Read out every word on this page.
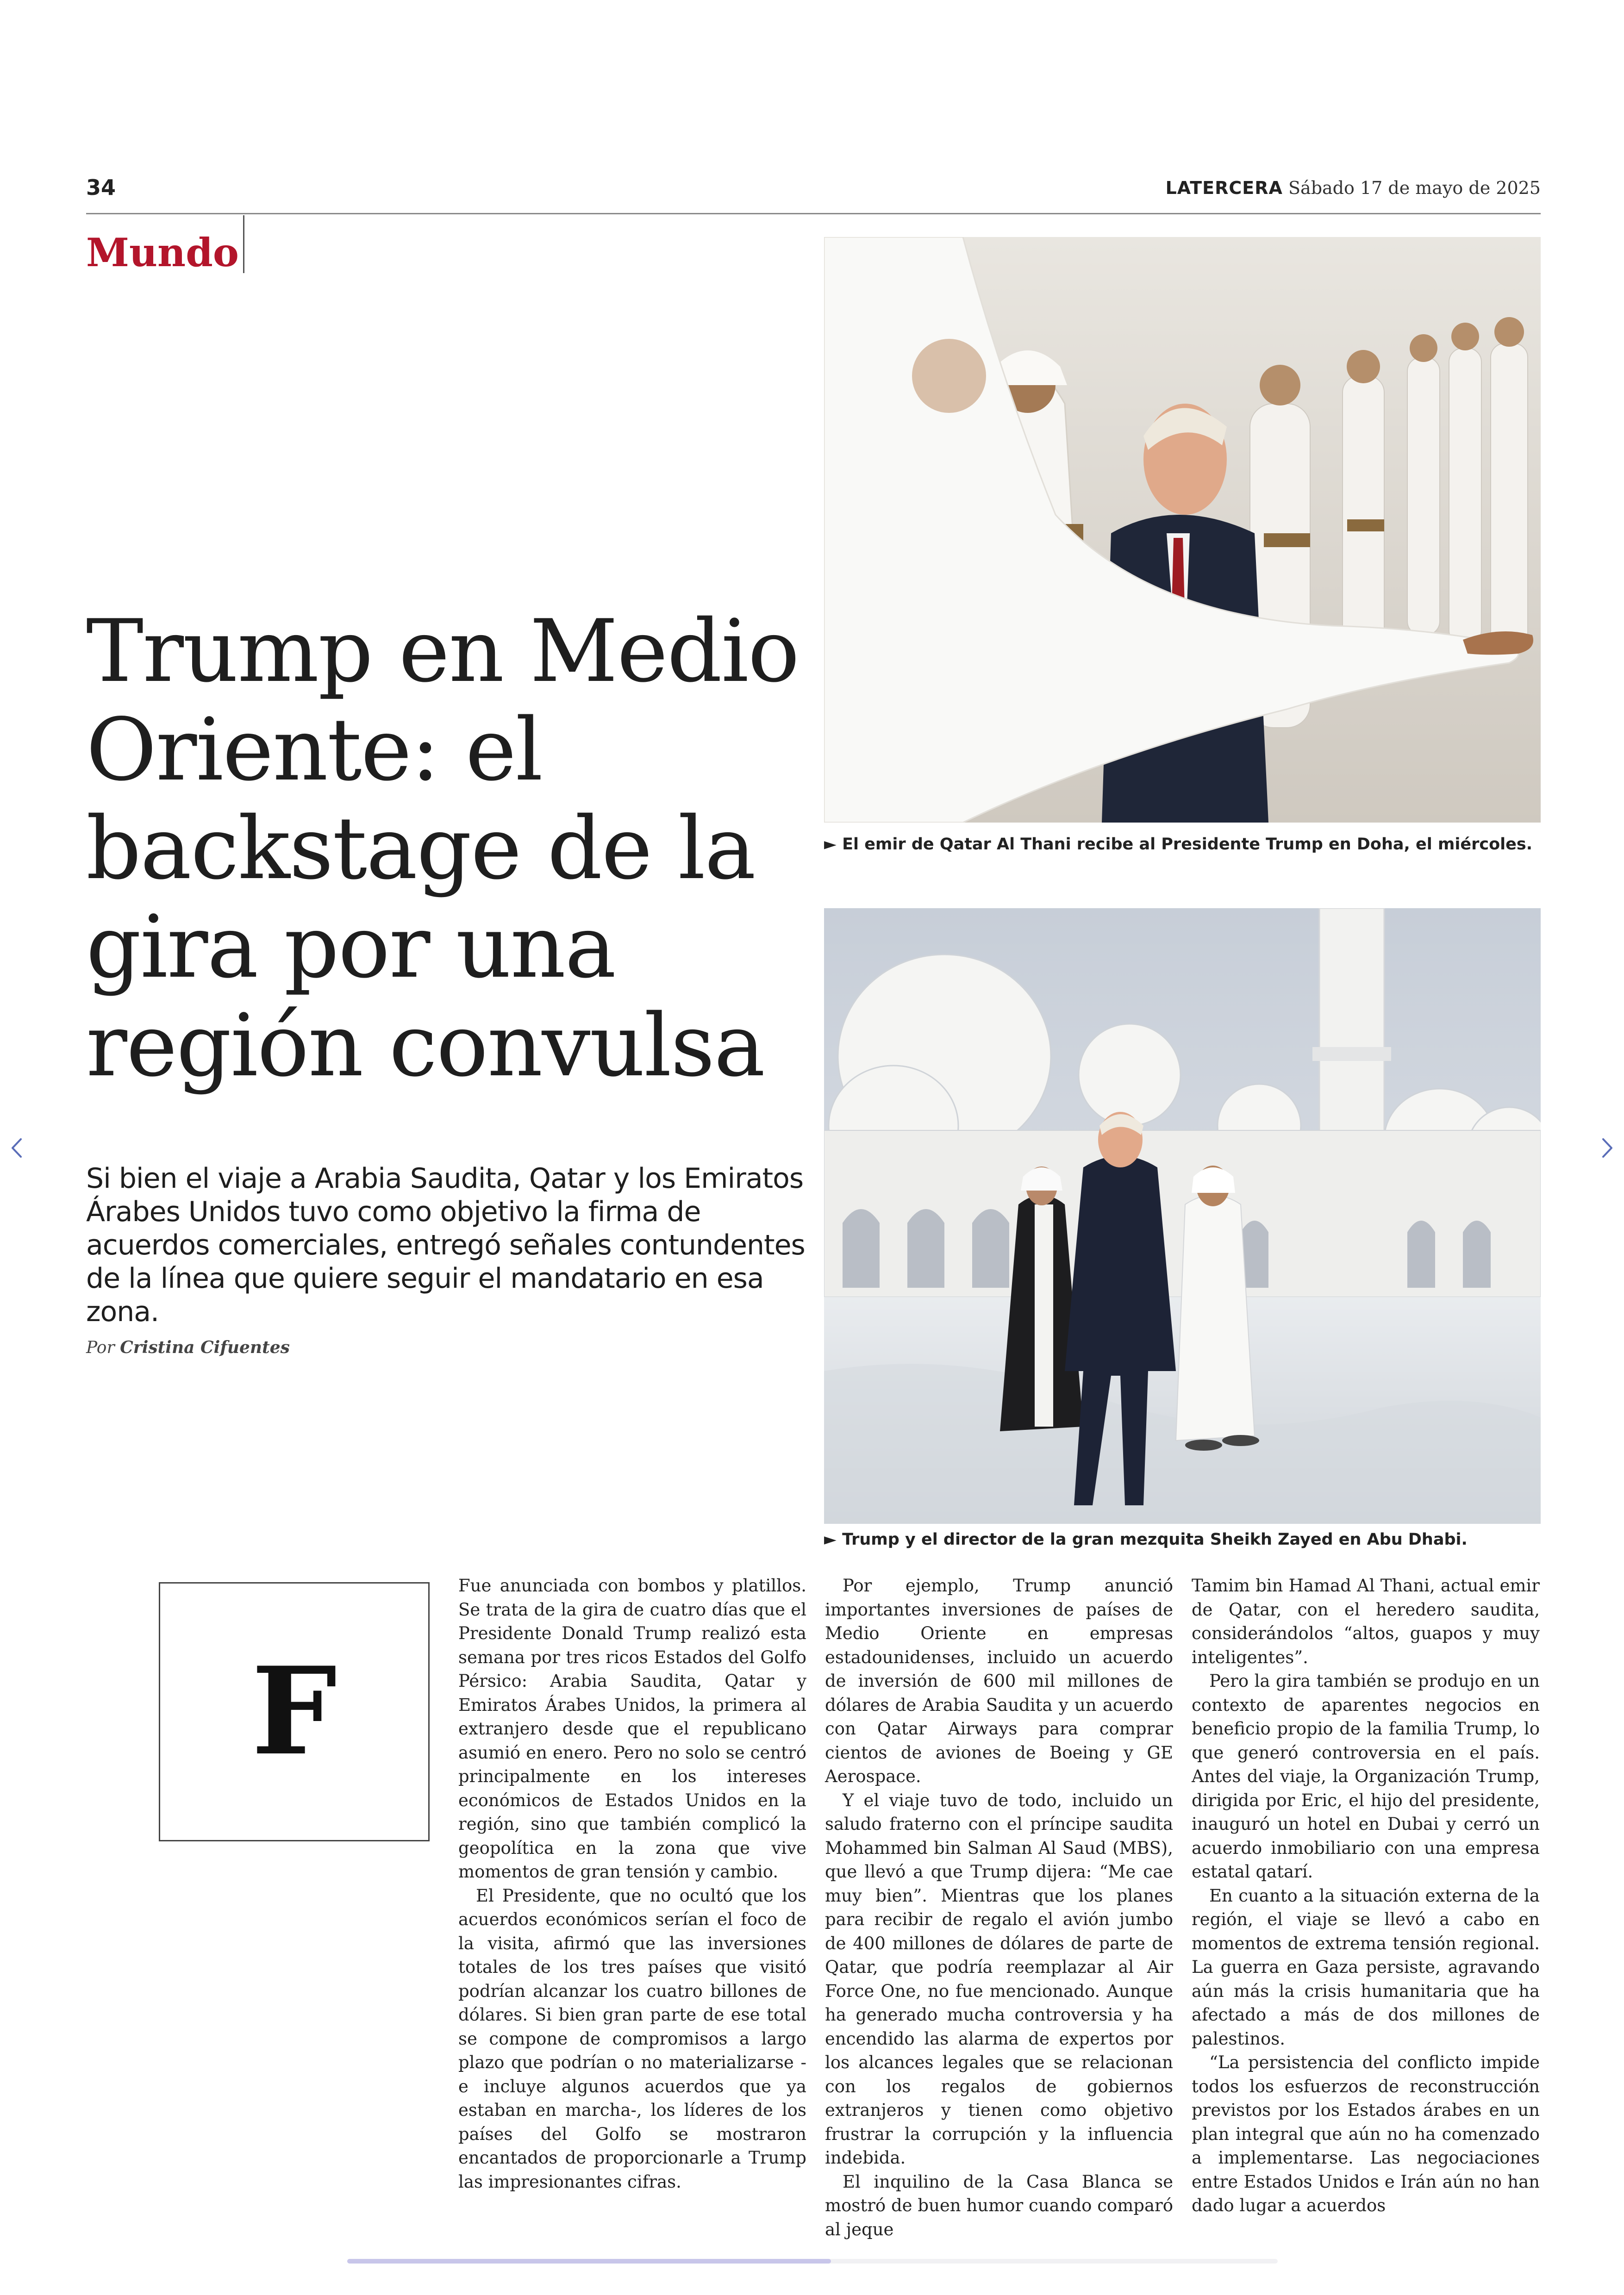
34	LATERCERA Sábado 17 de mayo de 2025
Mundo
Trump en Medio Oriente: el backstage de la gira por una región convulsa

Si bien el viaje a Arabia Saudita, Qatar y los Emiratos Árabes Unidos tuvo como objetivo la firma de acuerdos comerciales, entregó señales contundentes de la línea que quiere seguir el mandatario en esa zona.

Por Cristina Cifuentes
► El emir de Qatar Al Thani recibe al Presidente Trump en Doha, el miércoles.
► Trump y el director de la gran mezquita Sheikh Zayed en Abu Dhabi.
F

Fue anunciada con bombos y platillos. Se trata de la gira de cuatro días que el Presidente Donald Trump realizó esta semana por tres ricos Estados del Golfo Pérsico: Arabia Saudita, Qatar y Emiratos Árabes Unidos, la primera al extranjero desde que el republicano asumió en enero. Pero no solo se centró principalmente en los intereses económicos de Estados Unidos en la región, sino que también complicó la geopolítica en la zona que vive momentos de gran tensión y cambio.

El Presidente, que no ocultó que los acuerdos económicos serían el foco de la visita, afirmó que las inversiones totales de los tres países que visitó podrían alcanzar los cuatro billones de dólares. Si bien gran parte de ese total se compone de compromisos a largo plazo que podrían o no materializarse -e incluye algunos acuerdos que ya estaban en marcha-, los líderes de los países del Golfo se mostraron encantados de proporcionarle a Trump las impresionantes cifras.

Por ejemplo, Trump anunció importantes inversiones de países de Medio Oriente en empresas estadounidenses, incluido un acuerdo de inversión de 600 mil millones de dólares de Arabia Saudita y un acuerdo con Qatar Airways para comprar cientos de aviones de Boeing y GE Aerospace.

Y el viaje tuvo de todo, incluido un saludo fraterno con el príncipe saudita Mohammed bin Salman Al Saud (MBS), que llevó a que Trump dijera: “Me cae muy bien”. Mientras que los planes para recibir de regalo el avión jumbo de 400 millones de dólares de parte de Qatar, que podría reemplazar al Air Force One, no fue mencionado. Aunque ha generado mucha controversia y ha encendido las alarma de expertos por los alcances legales que se relacionan con los regalos de gobiernos extranjeros y tienen como objetivo frustrar la corrupción y la influencia indebida.

El inquilino de la Casa Blanca se mostró de buen humor cuando comparó al jeque

Tamim bin Hamad Al Thani, actual emir de Qatar, con el heredero saudita, considerándolos “altos, guapos y muy inteligentes”.

Pero la gira también se produjo en un contexto de aparentes negocios en beneficio propio de la familia Trump, lo que generó controversia en el país. Antes del viaje, la Organización Trump, dirigida por Eric, el hijo del presidente, inauguró un hotel en Dubai y cerró un acuerdo inmobiliario con una empresa estatal qatarí.

En cuanto a la situación externa de la región, el viaje se llevó a cabo en momentos de extrema tensión regional. La guerra en Gaza persiste, agravando aún más la crisis humanitaria que ha afectado a más de dos millones de palestinos.

“La persistencia del conflicto impide todos los esfuerzos de reconstrucción previstos por los Estados árabes en un plan integral que aún no ha comenzado a implementarse. Las negociaciones entre Estados Unidos e Irán aún no han dado lugar a acuerdos
